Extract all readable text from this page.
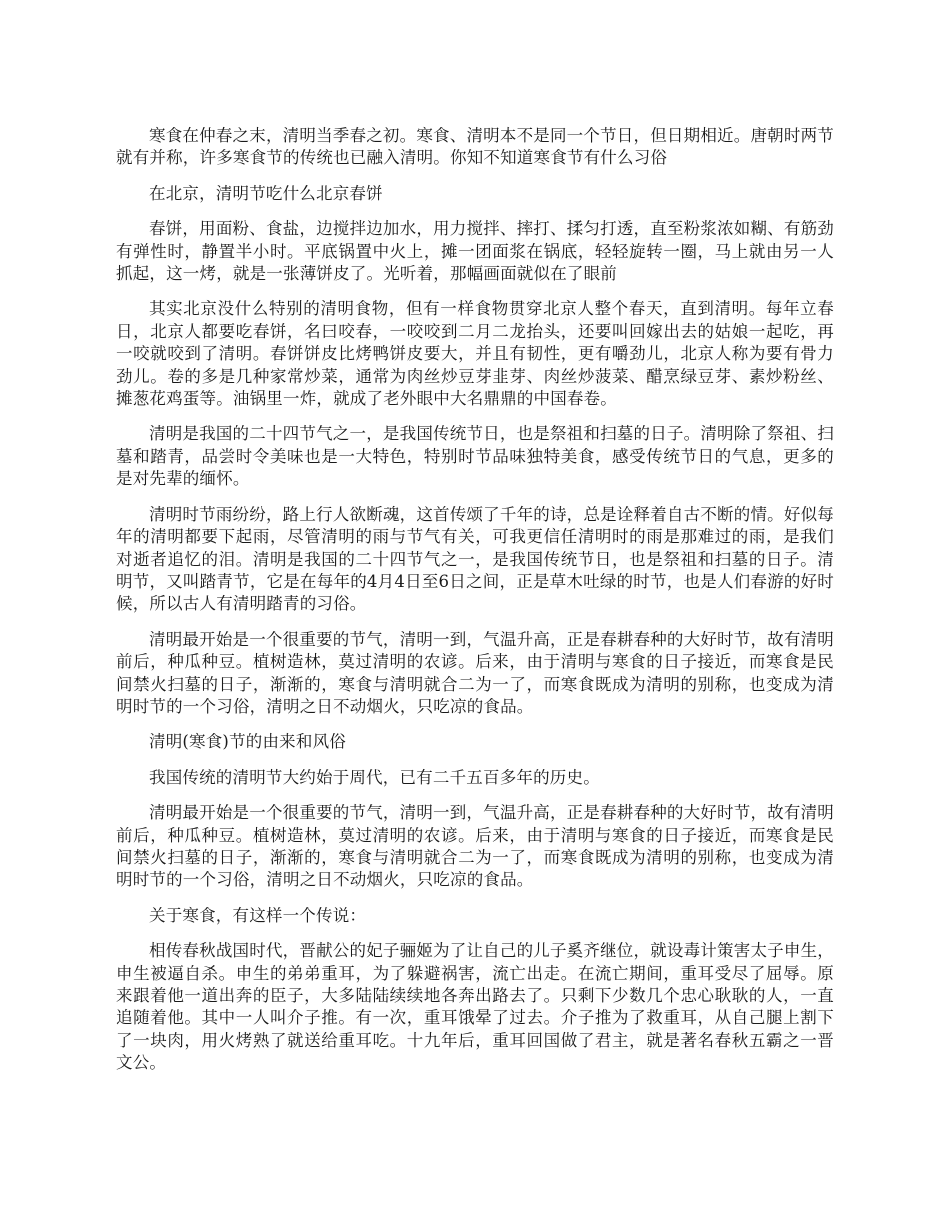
寒食在仲春之末，清明当季春之初。寒食、清明本不是同一个节日，但日期相近。唐朝时两节就有并称，许多寒食节的传统也已融入清明。你知不知道寒食节有什么习俗

在北京，清明节吃什么北京春饼

春饼，用面粉、食盐，边搅拌边加水，用力搅拌、摔打、揉匀打透，直至粉浆浓如糊、有筋劲有弹性时，静置半小时。平底锅置中火上，摊一团面浆在锅底，轻轻旋转一圈，马上就由另一人抓起，这一烤，就是一张薄饼皮了。光听着，那幅画面就似在了眼前

其实北京没什么特别的清明食物，但有一样食物贯穿北京人整个春天，直到清明。每年立春日，北京人都要吃春饼，名曰咬春，一咬咬到二月二龙抬头，还要叫回嫁出去的姑娘一起吃，再一咬就咬到了清明。春饼饼皮比烤鸭饼皮要大，并且有韧性，更有嚼劲儿，北京人称为要有骨力劲儿。卷的多是几种家常炒菜，通常为肉丝炒豆芽韭芽、肉丝炒菠菜、醋烹绿豆芽、素炒粉丝、摊葱花鸡蛋等。油锅里一炸，就成了老外眼中大名鼎鼎的中国春卷。

清明是我国的二十四节气之一，是我国传统节日，也是祭祖和扫墓的日子。清明除了祭祖、扫墓和踏青，品尝时令美味也是一大特色，特别时节品味独特美食，感受传统节日的气息，更多的是对先辈的缅怀。

清明时节雨纷纷，路上行人欲断魂，这首传颂了千年的诗，总是诠释着自古不断的情。好似每年的清明都要下起雨，尽管清明的雨与节气有关，可我更信任清明时的雨是那难过的雨，是我们对逝者追忆的泪。清明是我国的二十四节气之一，是我国传统节日，也是祭祖和扫墓的日子。清明节，又叫踏青节，它是在每年的4月4日至6日之间，正是草木吐绿的时节，也是人们春游的好时候，所以古人有清明踏青的习俗。

清明最开始是一个很重要的节气，清明一到，气温升高，正是春耕春种的大好时节，故有清明前后，种瓜种豆。植树造林，莫过清明的农谚。后来，由于清明与寒食的日子接近，而寒食是民间禁火扫墓的日子，渐渐的，寒食与清明就合二为一了，而寒食既成为清明的别称，也变成为清明时节的一个习俗，清明之日不动烟火，只吃凉的食品。

清明(寒食)节的由来和风俗

我国传统的清明节大约始于周代，已有二千五百多年的历史。

清明最开始是一个很重要的节气，清明一到，气温升高，正是春耕春种的大好时节，故有清明前后，种瓜种豆。植树造林，莫过清明的农谚。后来，由于清明与寒食的日子接近，而寒食是民间禁火扫墓的日子，渐渐的，寒食与清明就合二为一了，而寒食既成为清明的别称，也变成为清明时节的一个习俗，清明之日不动烟火，只吃凉的食品。

关于寒食，有这样一个传说：

相传春秋战国时代，晋献公的妃子骊姬为了让自己的儿子奚齐继位，就设毒计策害太子申生，申生被逼自杀。申生的弟弟重耳，为了躲避祸害，流亡出走。在流亡期间，重耳受尽了屈辱。原来跟着他一道出奔的臣子，大多陆陆续续地各奔出路去了。只剩下少数几个忠心耿耿的人，一直追随着他。其中一人叫介子推。有一次，重耳饿晕了过去。介子推为了救重耳，从自己腿上割下了一块肉，用火烤熟了就送给重耳吃。十九年后，重耳回国做了君主，就是著名春秋五霸之一晋文公。
